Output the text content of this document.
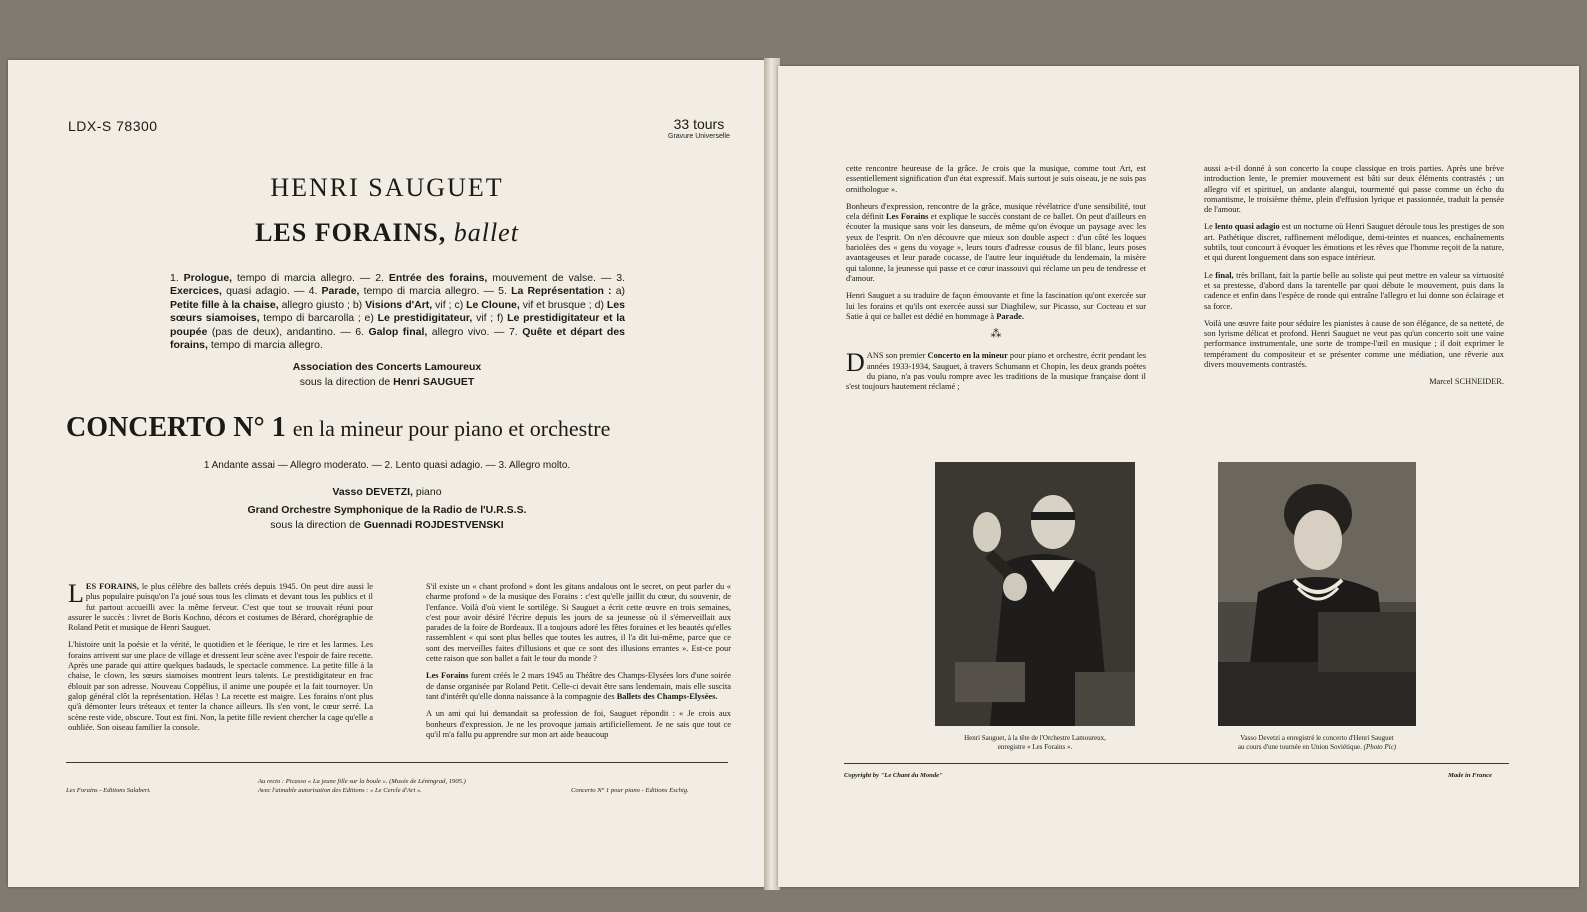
LDX-S 78300	33 tours
Gravure Universelle
HENRI SAUGUET
LES FORAINS, ballet
1. Prologue, tempo di marcia allegro. — 2. Entrée des forains, mouvement de valse. — 3. Exercices, quasi adagio. — 4. Parade, tempo di marcia allegro. — 5. La Représentation : a) Petite fille à la chaise, allegro giusto ; b) Visions d'Art, vif ; c) Le Cloune, vif et brusque ; d) Les sœurs siamoises, tempo di barcarolla ; e) Le prestidigitateur, vif ; f) Le prestidigitateur et la poupée (pas de deux), andantino. — 6. Galop final, allegro vivo. — 7. Quête et départ des forains, tempo di marcia allegro.
Association des Concerts Lamoureux
sous la direction de Henri SAUGUET
CONCERTO N° 1 en la mineur pour piano et orchestre
1 Andante assai — Allegro moderato. — 2. Lento quasi adagio. — 3. Allegro molto.
Vasso DEVETZI, piano
Grand Orchestre Symphonique de la Radio de l'U.R.S.S.
sous la direction de Guennadi ROJDESTVENSKI

LES FORAINS, le plus célèbre des ballets créés depuis 1945. On peut dire aussi le plus populaire puisqu'on l'a joué sous tous les climats et devant tous les publics et il fut partout accueilli avec la même ferveur. C'est que tout se trouvait réuni pour assurer le succès : livret de Boris Kochno, décors et costumes de Bérard, chorégraphie de Roland Petit et musique de Henri Sauguet.

L'histoire unit la poésie et la vérité, le quotidien et le féerique, le rire et les larmes. Les forains arrivent sur une place de village et dressent leur scène avec l'espoir de faire recette. Après une parade qui attire quelques badauds, le spectacle commence. La petite fille à la chaise, le clown, les sœurs siamoises montrent leurs talents. Le prestidigitateur en frac éblouit par son adresse. Nouveau Coppélius, il anime une poupée et la fait tournoyer. Un galop général clôt la représentation. Hélas ! La recette est maigre. Les forains n'ont plus qu'à démonter leurs tréteaux et tenter la chance ailleurs. Ils s'en vont, le cœur serré. La scène reste vide, obscure. Tout est fini. Non, la petite fille revient chercher la cage qu'elle a oubliée. Son oiseau familier la console.

S'il existe un « chant profond » dont les gitans andalous ont le secret, on peut parler du « charme profond » de la musique des Forains : c'est qu'elle jaillit du cœur, du souvenir, de l'enfance. Voilà d'où vient le sortilège. Si Sauguet a écrit cette œuvre en trois semaines, c'est pour avoir désiré l'écrire depuis les jours de sa jeunesse où il s'émerveillait aux parades de la foire de Bordeaux. Il a toujours adoré les fêtes foraines et les beautés qu'elles rassemblent « qui sont plus belles que toutes les autres, il l'a dit lui-même, parce que ce sont des merveilles faites d'illusions et que ce sont des illusions errantes ». Est-ce pour cette raison que son ballet a fait le tour du monde ?

Les Forains furent créés le 2 mars 1945 au Théâtre des Champs-Elysées lors d'une soirée de danse organisée par Roland Petit. Celle-ci devait être sans lendemain, mais elle suscita tant d'intérêt qu'elle donna naissance à la compagnie des Ballets des Champs-Elysées.

A un ami qui lui demandait sa profession de foi, Sauguet répondit : « Je crois aux bonheurs d'expression. Je ne les provoque jamais artificiellement. Je ne sais que tout ce qu'il m'a fallu pu apprendre sur mon art aide beaucoup

Les Forains - Editions Salabert.
Au recto : Picasso « La jeune fille sur la boule ». (Musée de Léningrad, 1905.)
Avec l'aimable autorisation des Editions : « Le Cercle d'Art ».	Concerto N° 1 pour piano - Editions Eschig.

cette rencontre heureuse de la grâce. Je crois que la musique, comme tout Art, est essentiellement signification d'un état expressif. Mais surtout je suis oiseau, je ne suis pas ornithologue ».

Bonheurs d'expression, rencontre de la grâce, musique révélatrice d'une sensibilité, tout cela définit Les Forains et explique le succès constant de ce ballet. On peut d'ailleurs en écouter la musique sans voir les danseurs, de même qu'on évoque un paysage avec les yeux de l'esprit. On n'en découvre que mieux son double aspect : d'un côté les loques bariolées des « gens du voyage », leurs tours d'adresse cousus de fil blanc, leurs poses avantageuses et leur parade cocasse, de l'autre leur inquiétude du lendemain, la misère qui talonne, la jeunesse qui passe et ce cœur inassouvi qui réclame un peu de tendresse et d'amour.

Henri Sauguet a su traduire de façon émouvante et fine la fascination qu'ont exercée sur lui les forains et qu'ils ont exercée aussi sur Diaghilew, sur Picasso, sur Cocteau et sur Satie à qui ce ballet est dédié en hommage à Parade.

⁂

DANS son premier Concerto en la mineur pour piano et orchestre, écrit pendant les années 1933-1934, Sauguet, à travers Schumann et Chopin, les deux grands poètes du piano, n'a pas voulu rompre avec les traditions de la musique française dont il s'est toujours hautement réclamé ;

aussi a-t-il donné à son concerto la coupe classique en trois parties. Après une brève introduction lente, le premier mouvement est bâti sur deux éléments contrastés ; un allegro vif et spirituel, un andante alangui, tourmenté qui passe comme un écho du romantisme, le troisième thème, plein d'effusion lyrique et passionnée, traduit la pensée de l'amour.

Le lento quasi adagio est un nocturne où Henri Sauguet déroule tous les prestiges de son art. Pathétique discret, raffinement mélodique, demi-teintes et nuances, enchaînements subtils, tout concourt à évoquer les émotions et les rêves que l'homme reçoit de la nature, et qui durent longuement dans son espace intérieur.

Le final, très brillant, fait la partie belle au soliste qui peut mettre en valeur sa virtuosité et sa prestesse, d'abord dans la tarentelle par quoi débute le mouvement, puis dans la cadence et enfin dans l'espèce de ronde qui entraîne l'allegro et lui donne son éclairage et sa force.

Voilà une œuvre faite pour séduire les pianistes à cause de son élégance, de sa netteté, de son lyrisme délicat et profond. Henri Sauguet ne veut pas qu'un concerto soit une vaine performance instrumentale, une sorte de trompe-l'œil en musique ; il doit exprimer le tempérament du compositeur et se présenter comme une médiation, une rêverie aux divers mouvements contrastés.

Marcel SCHNEIDER.
Henri Sauguet, à la tête de l'Orchestre Lamoureux,
enregistre « Les Forains ».
Vasso Devetzi a enregistré le concerto d'Henri Sauguet
au cours d'une tournée en Union Soviétique. (Photo Pic)
Copyright by "Le Chant du Monde"	Made in France
